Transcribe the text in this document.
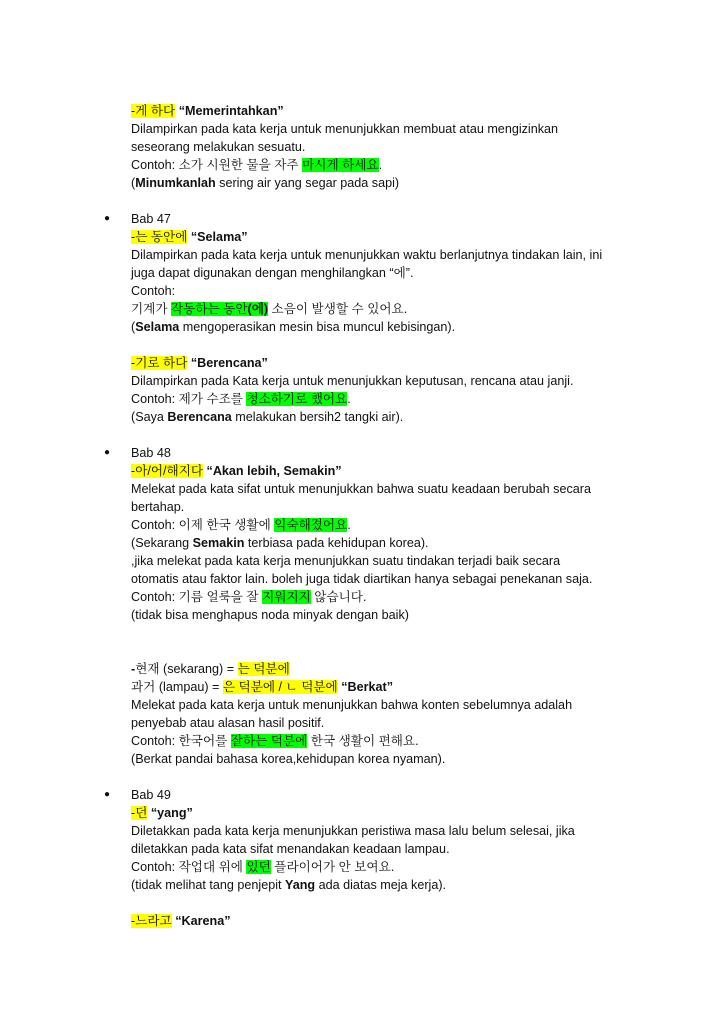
-게 하다 “Memerintahkan”
Dilampirkan pada kata kerja untuk menunjukkan membuat atau mengizinkan
seseorang melakukan sesuatu.
Contoh: 소가 시원한 물을 자주 마시게 하세요.
(Minumkanlah sering air yang segar pada sapi)
● Bab 47
-는 동안에 “Selama”
Dilampirkan pada kata kerja untuk menunjukkan waktu berlanjutnya tindakan lain, ini
juga dapat digunakan dengan menghilangkan “에”.
Contoh:
기계가 작동하는 동안(에) 소음이 발생할 수 있어요.
(Selama mengoperasikan mesin bisa muncul kebisingan).
-기로 하다 “Berencana”
Dilampirkan pada Kata kerja untuk menunjukkan keputusan, rencana atau janji.
Contoh: 제가 수조를 청소하기로 했어요.
(Saya Berencana melakukan bersih2 tangki air).
● Bab 48
-아/어/해지다 “Akan lebih, Semakin”
Melekat pada kata sifat untuk menunjukkan bahwa suatu keadaan berubah secara
bertahap.
Contoh: 이제 한국 생활에 익숙해졌어요.
(Sekarang Semakin terbiasa pada kehidupan korea).
,jika melekat pada kata kerja menunjukkan suatu tindakan terjadi baik secara
otomatis atau faktor lain. boleh juga tidak diartikan hanya sebagai penekanan saja.
Contoh: 기름 얼룩을 잘 지워지지 않습니다.
(tidak bisa menghapus noda minyak dengan baik)
-현재 (sekarang) = 는 덕분에
과거 (lampau) = 은 덕분에 / ㄴ 덕분에 “Berkat”
Melekat pada kata kerja untuk menunjukkan bahwa konten sebelumnya adalah
penyebab atau alasan hasil positif.
Contoh: 한국어를 잘하는 덕분에 한국 생활이 편해요.
(Berkat pandai bahasa korea,kehidupan korea nyaman).
● Bab 49
-던 “yang”
Diletakkan pada kata kerja menunjukkan peristiwa masa lalu belum selesai, jika
diletakkan pada kata sifat menandakan keadaan lampau.
Contoh: 작업대 위에 있던 플라이어가 안 보여요.
(tidak melihat tang penjepit Yang ada diatas meja kerja).
-느라고 “Karena”
